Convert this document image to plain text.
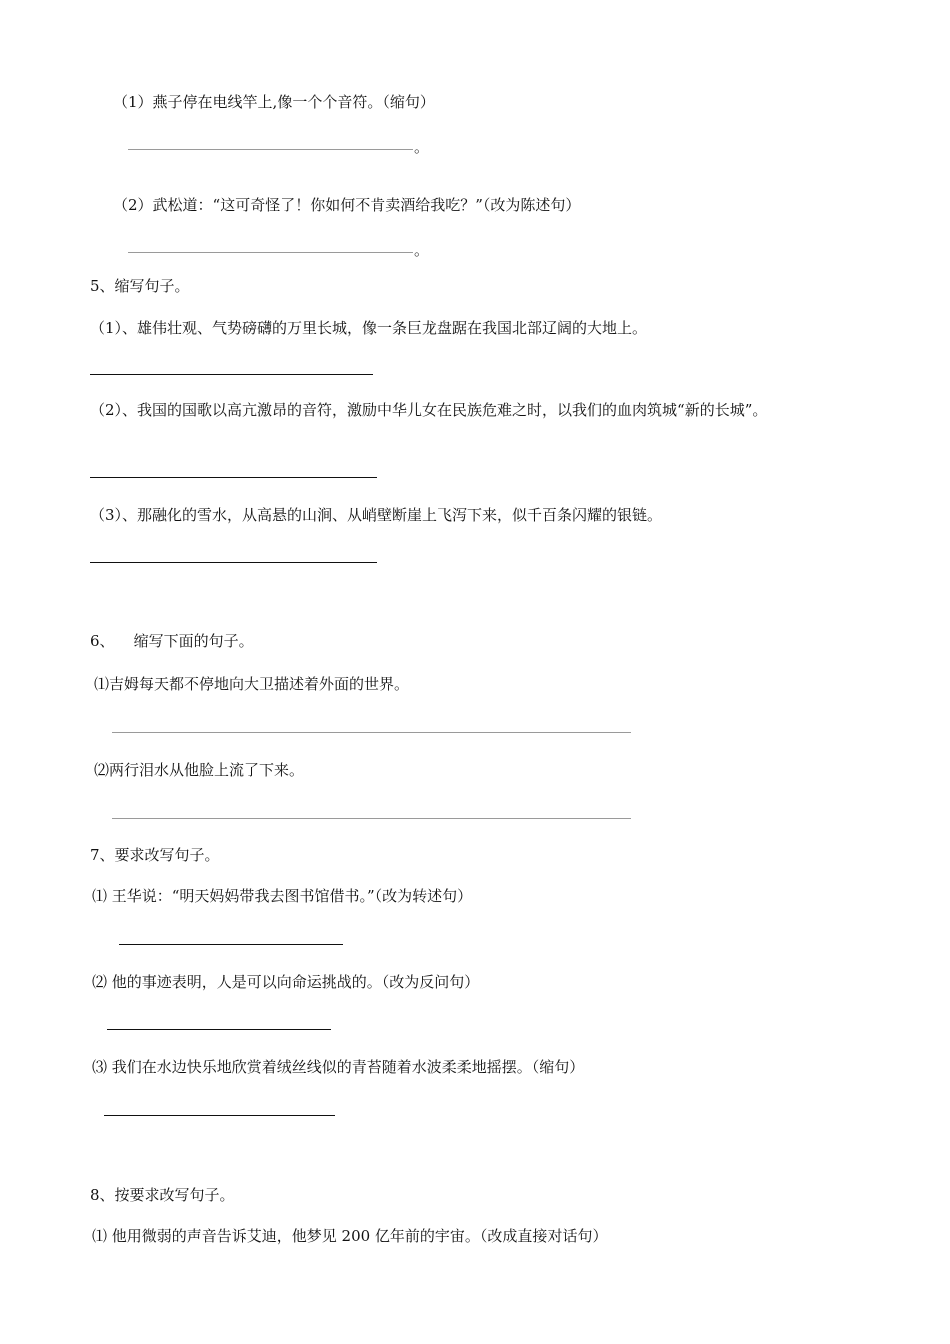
（1）燕子停在电线竿上,像一个个音符。（缩句）
。
（2）武松道：“这可奇怪了！你如何不肯卖酒给我吃？”（改为陈述句）
。
5、缩写句子。
（1）、雄伟壮观、气势磅礴的万里长城，像一条巨龙盘踞在我国北部辽阔的大地上。
（2）、我国的国歌以高亢激昂的音符，激励中华儿女在民族危难之时，以我们的血肉筑城“新的长城”。
（3）、那融化的雪水，从高悬的山涧、从峭壁断崖上飞泻下来，似千百条闪耀的银链。
6、    缩写下面的句子。
⑴吉姆每天都不停地向大卫描述着外面的世界。
⑵两行泪水从他脸上流了下来。
7、要求改写句子。
⑴ 王华说：“明天妈妈带我去图书馆借书。”（改为转述句）
⑵ 他的事迹表明，人是可以向命运挑战的。（改为反问句）
⑶ 我们在水边快乐地欣赏着绒丝线似的青苔随着水波柔柔地摇摆。（缩句）
8、按要求改写句子。
⑴ 他用微弱的声音告诉艾迪，他梦见 200 亿年前的宇宙。（改成直接对话句）
